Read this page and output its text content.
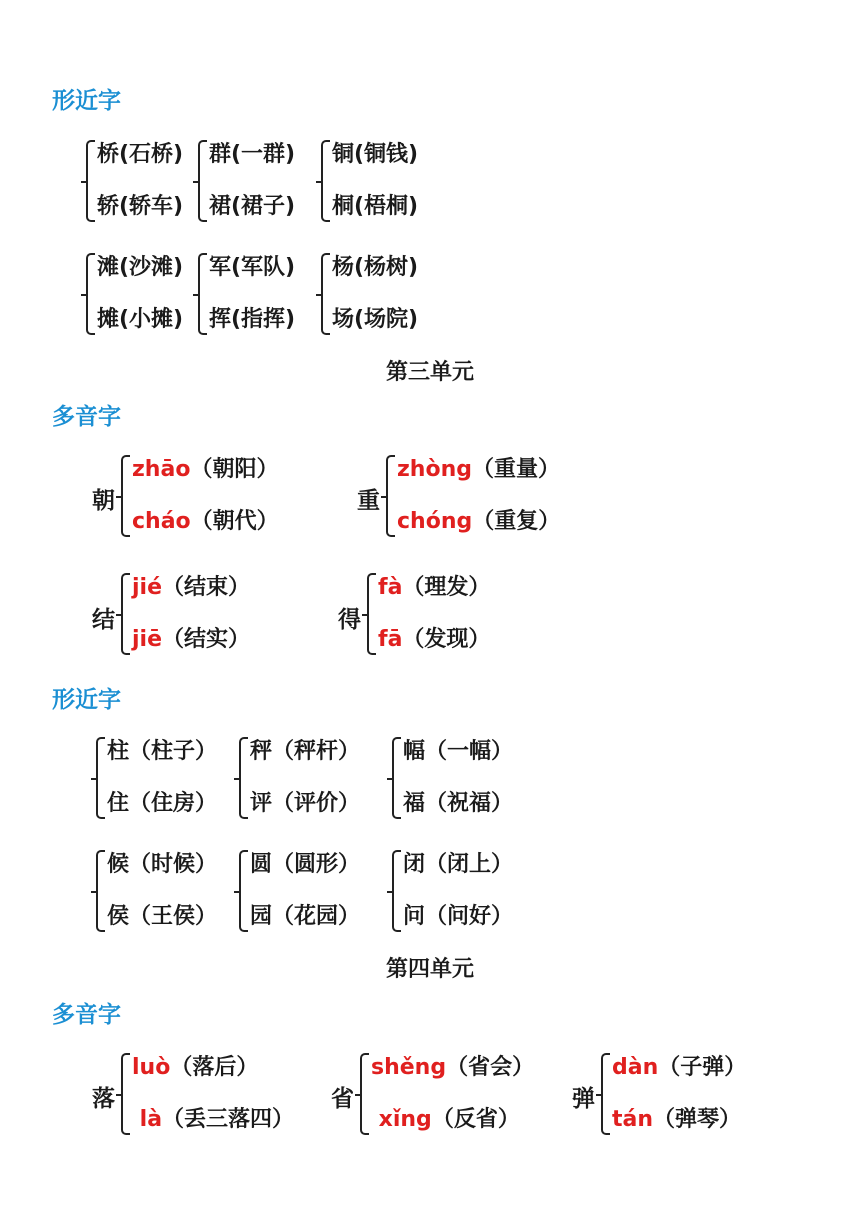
形近字
桥(石桥)
轿(轿车)
群(一群)
裙(裙子)
铜(铜钱)
桐(梧桐)
滩(沙滩)
摊(小摊)
军(军队)
挥(指挥)
杨(杨树)
场(场院)
第三单元
多音字
朝
zhāo（朝阳）
cháo（朝代）
重
zhòng（重量）
chóng（重复）
结
jié（结束）
jiē（结实）
得
fà（理发）
fā（发现）
形近字
柱（柱子）
住（住房）
秤（秤杆）
评（评价）
幅（一幅）
福（祝福）
候（时候）
侯（王侯）
圆（圆形）
园（花园）
闭（闭上）
问（问好）
第四单元
多音字
落
luò（落后）
là（丢三落四）
省
shěng（省会）
xǐng（反省）
弹
dàn（子弹）
tán（弹琴）
